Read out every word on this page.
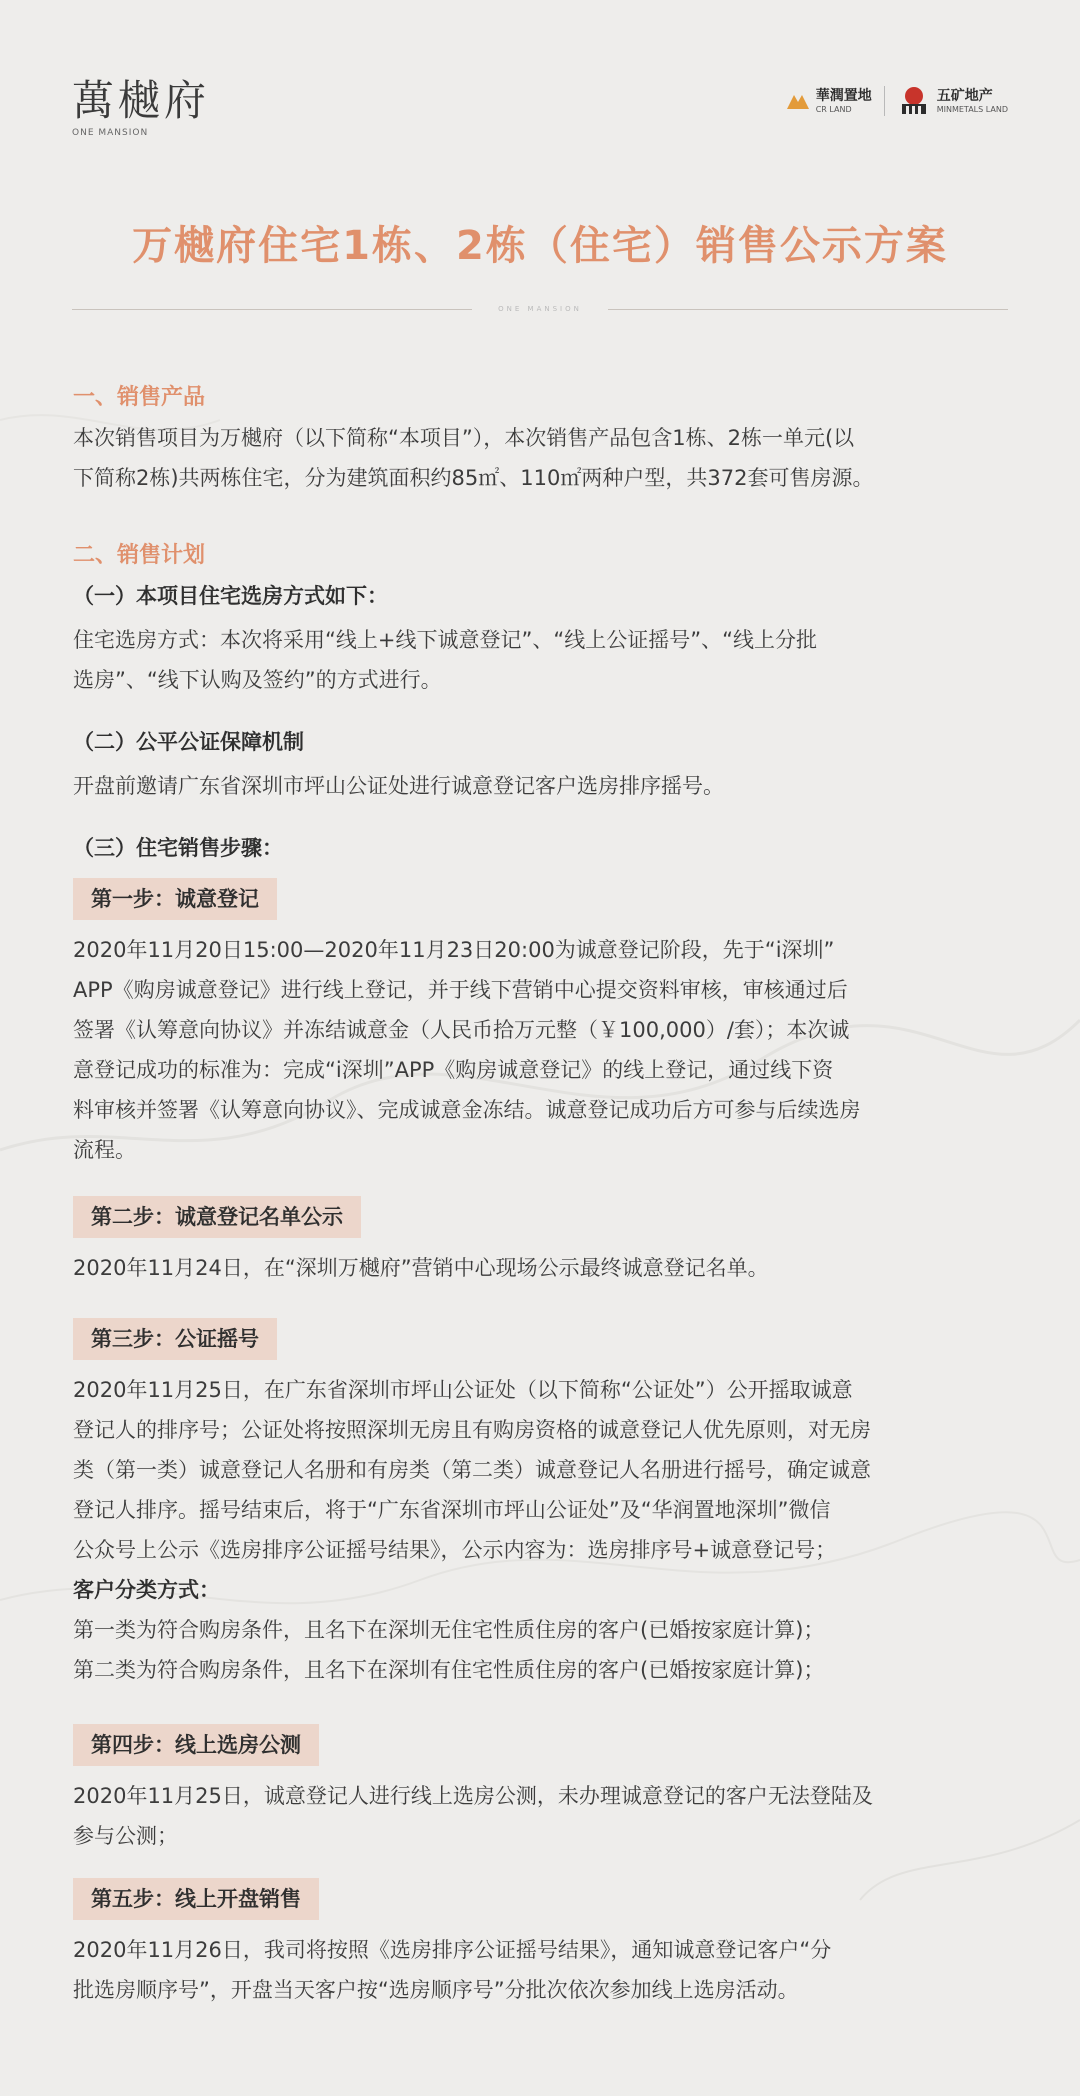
萬樾府
ONE MANSION
華潤置地
CR LAND
五矿地产
MINMETALS LAND
万樾府住宅1栋、2栋（住宅）销售公示方案
ONE MANSION
一、销售产品

本次销售项目为万樾府（以下简称“本项目”），本次销售产品包含1栋、2栋一单元(以

下简称2栋)共两栋住宅，分为建筑面积约85㎡、110㎡两种户型，共372套可售房源。

二、销售计划
（一）本项目住宅选房方式如下：

住宅选房方式：本次将采用“线上+线下诚意登记”、“线上公证摇号”、“线上分批

选房”、“线下认购及签约”的方式进行。

（二）公平公证保障机制

开盘前邀请广东省深圳市坪山公证处进行诚意登记客户选房排序摇号。

（三）住宅销售步骤：
第一步：诚意登记

2020年11月20日15:00—2020年11月23日20:00为诚意登记阶段，先于“i深圳”

APP《购房诚意登记》进行线上登记，并于线下营销中心提交资料审核，审核通过后

签署《认筹意向协议》并冻结诚意金（人民币拾万元整（￥100,000）/套）；本次诚

意登记成功的标准为：完成“i深圳”APP《购房诚意登记》的线上登记，通过线下资

料审核并签署《认筹意向协议》、完成诚意金冻结。诚意登记成功后方可参与后续选房

流程。

第二步：诚意登记名单公示

2020年11月24日，在“深圳万樾府”营销中心现场公示最终诚意登记名单。

第三步：公证摇号

2020年11月25日，在广东省深圳市坪山公证处（以下简称“公证处”）公开摇取诚意

登记人的排序号；公证处将按照深圳无房且有购房资格的诚意登记人优先原则，对无房

类（第一类）诚意登记人名册和有房类（第二类）诚意登记人名册进行摇号，确定诚意

登记人排序。摇号结束后，将于“广东省深圳市坪山公证处”及“华润置地深圳”微信

公众号上公示《选房排序公证摇号结果》，公示内容为：选房排序号+诚意登记号；

客户分类方式：

第一类为符合购房条件，且名下在深圳无住宅性质住房的客户(已婚按家庭计算)；

第二类为符合购房条件，且名下在深圳有住宅性质住房的客户(已婚按家庭计算)；

第四步：线上选房公测

2020年11月25日，诚意登记人进行线上选房公测，未办理诚意登记的客户无法登陆及

参与公测；

第五步：线上开盘销售

2020年11月26日，我司将按照《选房排序公证摇号结果》，通知诚意登记客户“分

批选房顺序号”，开盘当天客户按“选房顺序号”分批次依次参加线上选房活动。
